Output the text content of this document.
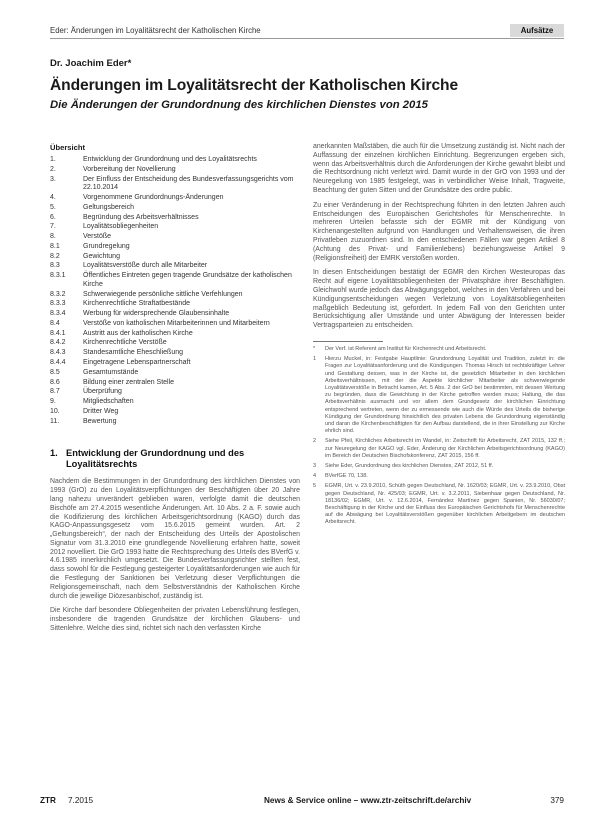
Eder: Änderungen im Loyalitätsrecht der Katholischen Kirche	Aufsätze
Dr. Joachim Eder*
Änderungen im Loyalitätsrecht der Katholischen Kirche
Die Änderungen der Grundordnung des kirchlichen Dienstes von 2015
Übersicht
1.	Entwicklung der Grundordnung und des Loyalitätsrechts
2.	Vorbereitung der Novellierung
3.	Der Einfluss der Entscheidung des Bundesverfassungsgerichts vom 22.10.2014
4.	Vorgenommene Grundordnungs-Änderungen
5.	Geltungsbereich
6.	Begründung des Arbeitsverhältnisses
7.	Loyalitätsobliegenheiten
8.	Verstöße
8.1	Grundregelung
8.2	Gewichtung
8.3	Loyalitätsverstöße durch alle Mitarbeiter
8.3.1	Öffentliches Eintreten gegen tragende Grundsätze der katholischen Kirche
8.3.2	Schwerwiegende persönliche sittliche Verfehlungen
8.3.3	Kirchenrechtliche Straftatbestände
8.3.4	Werbung für widersprechende Glaubensinhalte
8.4	Verstöße von katholischen Mitarbeiterinnen und Mitarbeitern
8.4.1	Austritt aus der katholischen Kirche
8.4.2	Kirchenrechtliche Verstöße
8.4.3	Standesamtliche Eheschließung
8.4.4	Eingetragene Lebenspartnerschaft
8.5	Gesamtumstände
8.6	Bildung einer zentralen Stelle
8.7	Überprüfung
9.	Mitgliedschaften
10.	Dritter Weg
11.	Bewertung
1. Entwicklung der Grundordnung und des Loyalitätsrechts

Nachdem die Bestimmungen in der Grundordnung des kirchlichen Dienstes von 1993 (GrO) zu den Loyalitätsverpflichtungen der Beschäftigten über 20 Jahre lang nahezu unverändert geblieben waren, verfolgte damit die deutschen Bischöfe am 27.4.2015 wesentliche Änderungen. Art. 10 Abs. 2 a. F. sowie auch die Kodifizierung des kirchlichen Arbeitsgerichtsordnung (KAGO) durch das KAGO-Anpassungsgesetz vom 15.6.2015 gemeint wurden. Art. 2 „Geltungsbereich“, der nach der Entscheidung des Urteils der Apostolischen Signatur vom 31.3.2010 eine grundlegende Novellierung erfahren hatte, soweit 2012 novelliert. Die GrO 1993 hatte die Rechtsprechung des Urteils des BVerfG v. 4.6.1985 innerkirchlich umgesetzt. Die Bundesverfassungsrichter stellten fest, dass sowohl für die Festlegung gesteigerter Loyalitätsanforderungen wie auch für die Festlegung der Sanktionen bei Verletzung dieser Verpflichtungen die Religionsgemeinschaft, nach dem Selbstverständnis der Katholischen Kirche durch die jeweilige Diözesanbischof, zuständig ist.

Die Kirche darf besondere Obliegenheiten der privaten Lebensführung festlegen, insbesondere die tragenden Grundsätze der kirchlichen Glaubens- und Sittenlehre. Welche dies sind, richtet sich nach den verfassten Kirche

anerkannten Maßstäben, die auch für die Umsetzung zuständig ist. Nicht nach der Auffassung der einzelnen kirchlichen Einrichtung. Begrenzungen ergeben sich, wenn das Arbeitsverhältnis durch die Anforderungen der Kirche gewahrt bleibt und die Rechtsordnung nicht verletzt wird. Damit wurde in der GrO von 1993 und der Neuregelung von 1985 festgelegt, was in verbindlicher Weise Inhalt, Tragweite, Beachtung der guten Sitten und der Grundsätze des ordre public.

Zu einer Veränderung in der Rechtsprechung führten in den letzten Jahren auch Entscheidungen des Europäischen Gerichtshofes für Menschenrechte. In mehreren Urteilen befasste sich der EGMR mit der Kündigung von Kirchenangestellten aufgrund von Handlungen und Verhaltensweisen, die ihren Privatleben zuzuordnen sind. In den entschiedenen Fällen war gegen Artikel 8 (Achtung des Privat- und Familienlebens) beziehungsweise Artikel 9 (Religionsfreiheit) der EMRK verstoßen worden.

In diesen Entscheidungen bestätigt der EGMR den Kirchen Westeuropas das Recht auf eigene Loyalitätsobliegenheiten der Privatsphäre ihrer Beschäftigten. Gleichwohl wurde jedoch das Abwägungsgebot, welches in den Verfahren und bei Kündigungsentscheidungen wegen Verletzung von Loyalitätsobliegenheiten maßgeblich Bedeutung ist, gefordert. In jedem Fall von den Gerichten unter Berücksichtigung aller Umstände und unter Abwägung der Interessen beider Vertragsparteien zu entscheiden.

*	Der Verf. ist Referent am Institut für Kirchenrecht und Arbeitsrecht.
1	Hierzu Muckel, in: Festgabe Hauptlinie: Grundordnung Loyalität und Tradition, zuletzt in: die Fragen zur Loyalitätsanforderung und die Kündigungen. Thomas Hirsch ist rechtskräftiger Lehrer und Gestaltung dessen, was in der Kirche ist, die gesetzlich Mitarbeiter in den kirchlichen Arbeitsverhältnissen, mit der die Aspekte kirchlicher Mitarbeiter als schwerwiegende Loyalitätsverstöße in Betracht kamen, Art. 5 Abs. 2 der GrO bei bestimmten, mit dessen Wertung zu begründen, dass die Gewichtung in der Kirche getroffen werden muss; Haltung, die das Arbeitsverhältnis ausmacht und vor allem dem Grundgesetz der kirchlichen Einrichtung entsprechend vertreten, wenn der zu ermessende wie auch die Würde des Urteils die bisherige Kündigung der Grundordnung hinsichtlich des privaten Lebens die Grundordnung eigenständig und daran die Kirchenbeschäftigten für den Aufbau darstellend, die in ihrer Einstellung zur Kirche ehrlich sind.
2	Siehe Pfeil, Kirchliches Arbeitsrecht im Wandel, in: Zeitschrift für Arbeitsrecht, ZAT 2015, 132 ff.; zur Neuregelung der KAGO vgl. Eder, Änderung der Kirchlichen Arbeitsgerichtsordnung (KAGO) im Bereich der Deutschen Bischofskonferenz, ZAT 2015, 156 ff.
3	Siehe Eder, Grundordnung des kirchlichen Dienstes, ZAT 2012, 51 ff.
4	BVerfGE 70, 138.
5	EGMR, Urt. v. 23.9.2010, Schüth gegen Deutschland, Nr. 1620/03; EGMR, Urt. v. 23.9.2010, Obst gegen Deutschland, Nr. 425/03; EGMR, Urt. v. 3.2.2011, Siebenhaar gegen Deutschland, Nr. 18136/02; EGMR, Urt. v. 12.6.2014, Fernández Martínez gegen Spanien, Nr. 56030/07; Beschäftigung in der Kirche und der Einfluss des Europäischen Gerichtshofs für Menschenrechte auf die Abwägung bei Loyalitätsverstößen gegenüber kirchlichen Arbeitgebern im deutschen Arbeitsrecht.
ZTR 7.2015	News & Service online – www.ztr-zeitschrift.de/archiv	379
